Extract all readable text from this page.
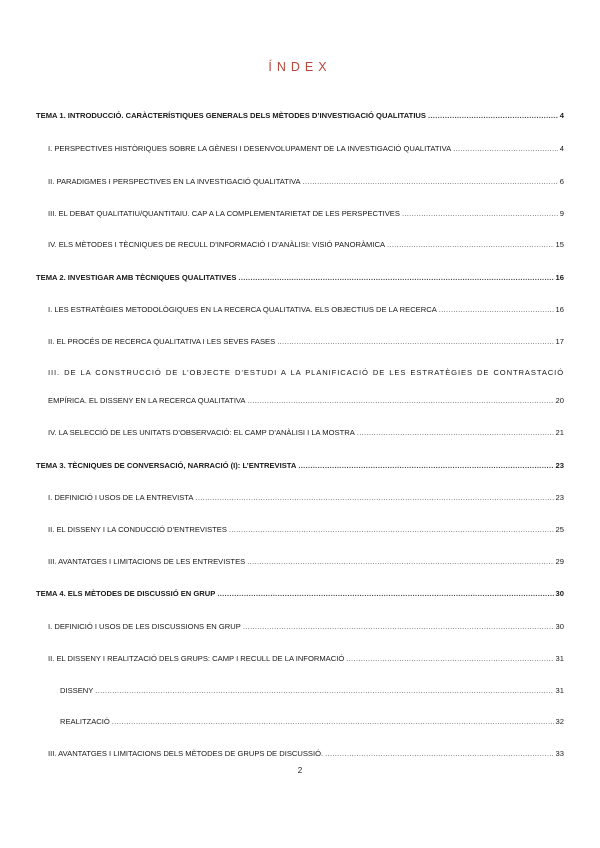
ÍNDEX
TEMA 1. INTRODUCCIÓ. CARÀCTERÍSTIQUES GENERALS DELS MÈTODES D’INVESTIGACIÓ QUALITATIUS .....	4
I. PERSPECTIVES HISTÒRIQUES SOBRE LA GÈNESI I DESENVOLUPAMENT DE LA INVESTIGACIÓ QUALITATIVA .....	4
II. PARADIGMES I PERSPECTIVES EN LA INVESTIGACIÓ QUALITATIVA .....	6
III. EL DEBAT QUALITATIU/QUANTITAIU. CAP A LA COMPLEMENTARIETAT DE LES PERSPECTIVES .....	9
IV. ELS MÈTODES I TÈCNIQUES DE RECULL D’INFORMACIÓ I D’ANÀLISI: VISIÓ PANORÀMICA .....	15
TEMA 2. INVESTIGAR AMB TÈCNIQUES QUALITATIVES .....	16
I. LES ESTRATÈGIES METODOLÒGIQUES EN LA RECERCA QUALITATIVA. ELS OBJECTIUS DE LA RECERCA .....	16
II. EL PROCÉS DE RECERCA QUALITATIVA I LES SEVES FASES .....	17
III. DE LA CONSTRUCCIÓ DE L’OBJECTE D’ESTUDI A LA PLANIFICACIÓ DE LES ESTRATÈGIES DE CONTRASTACIÓ
EMPÍRICA. EL DISSENY EN LA RECERCA QUALITATIVA .....	20
IV. LA SELECCIÓ DE LES UNITATS D’OBSERVACIÓ: EL CAMP D’ANÀLISI I LA MOSTRA .....	21
TEMA 3. TÈCNIQUES DE CONVERSACIÓ, NARRACIÓ (I): L’ENTREVISTA .....	23
I. DEFINICIÓ I USOS DE LA ENTREVISTA .....	23
II. EL DISSENY I LA CONDUCCIÓ D’ENTREVISTES .....	25
III. AVANTATGES I LIMITACIONS DE LES ENTREVISTES .....	29
TEMA 4. ELS MÈTODES DE DISCUSSIÓ EN GRUP .....	30
I. DEFINICIÓ I USOS DE LES DISCUSSIONS EN GRUP .....	30
II. EL DISSENY I REALITZACIÓ DELS GRUPS: CAMP I RECULL DE LA INFORMACIÓ .....	31
DISSENY .....	31
REALITZACIÓ .....	32
III. AVANTATGES I LIMITACIONS DELS MÈTODES DE GRUPS DE DISCUSSIÓ. .....	33
2
